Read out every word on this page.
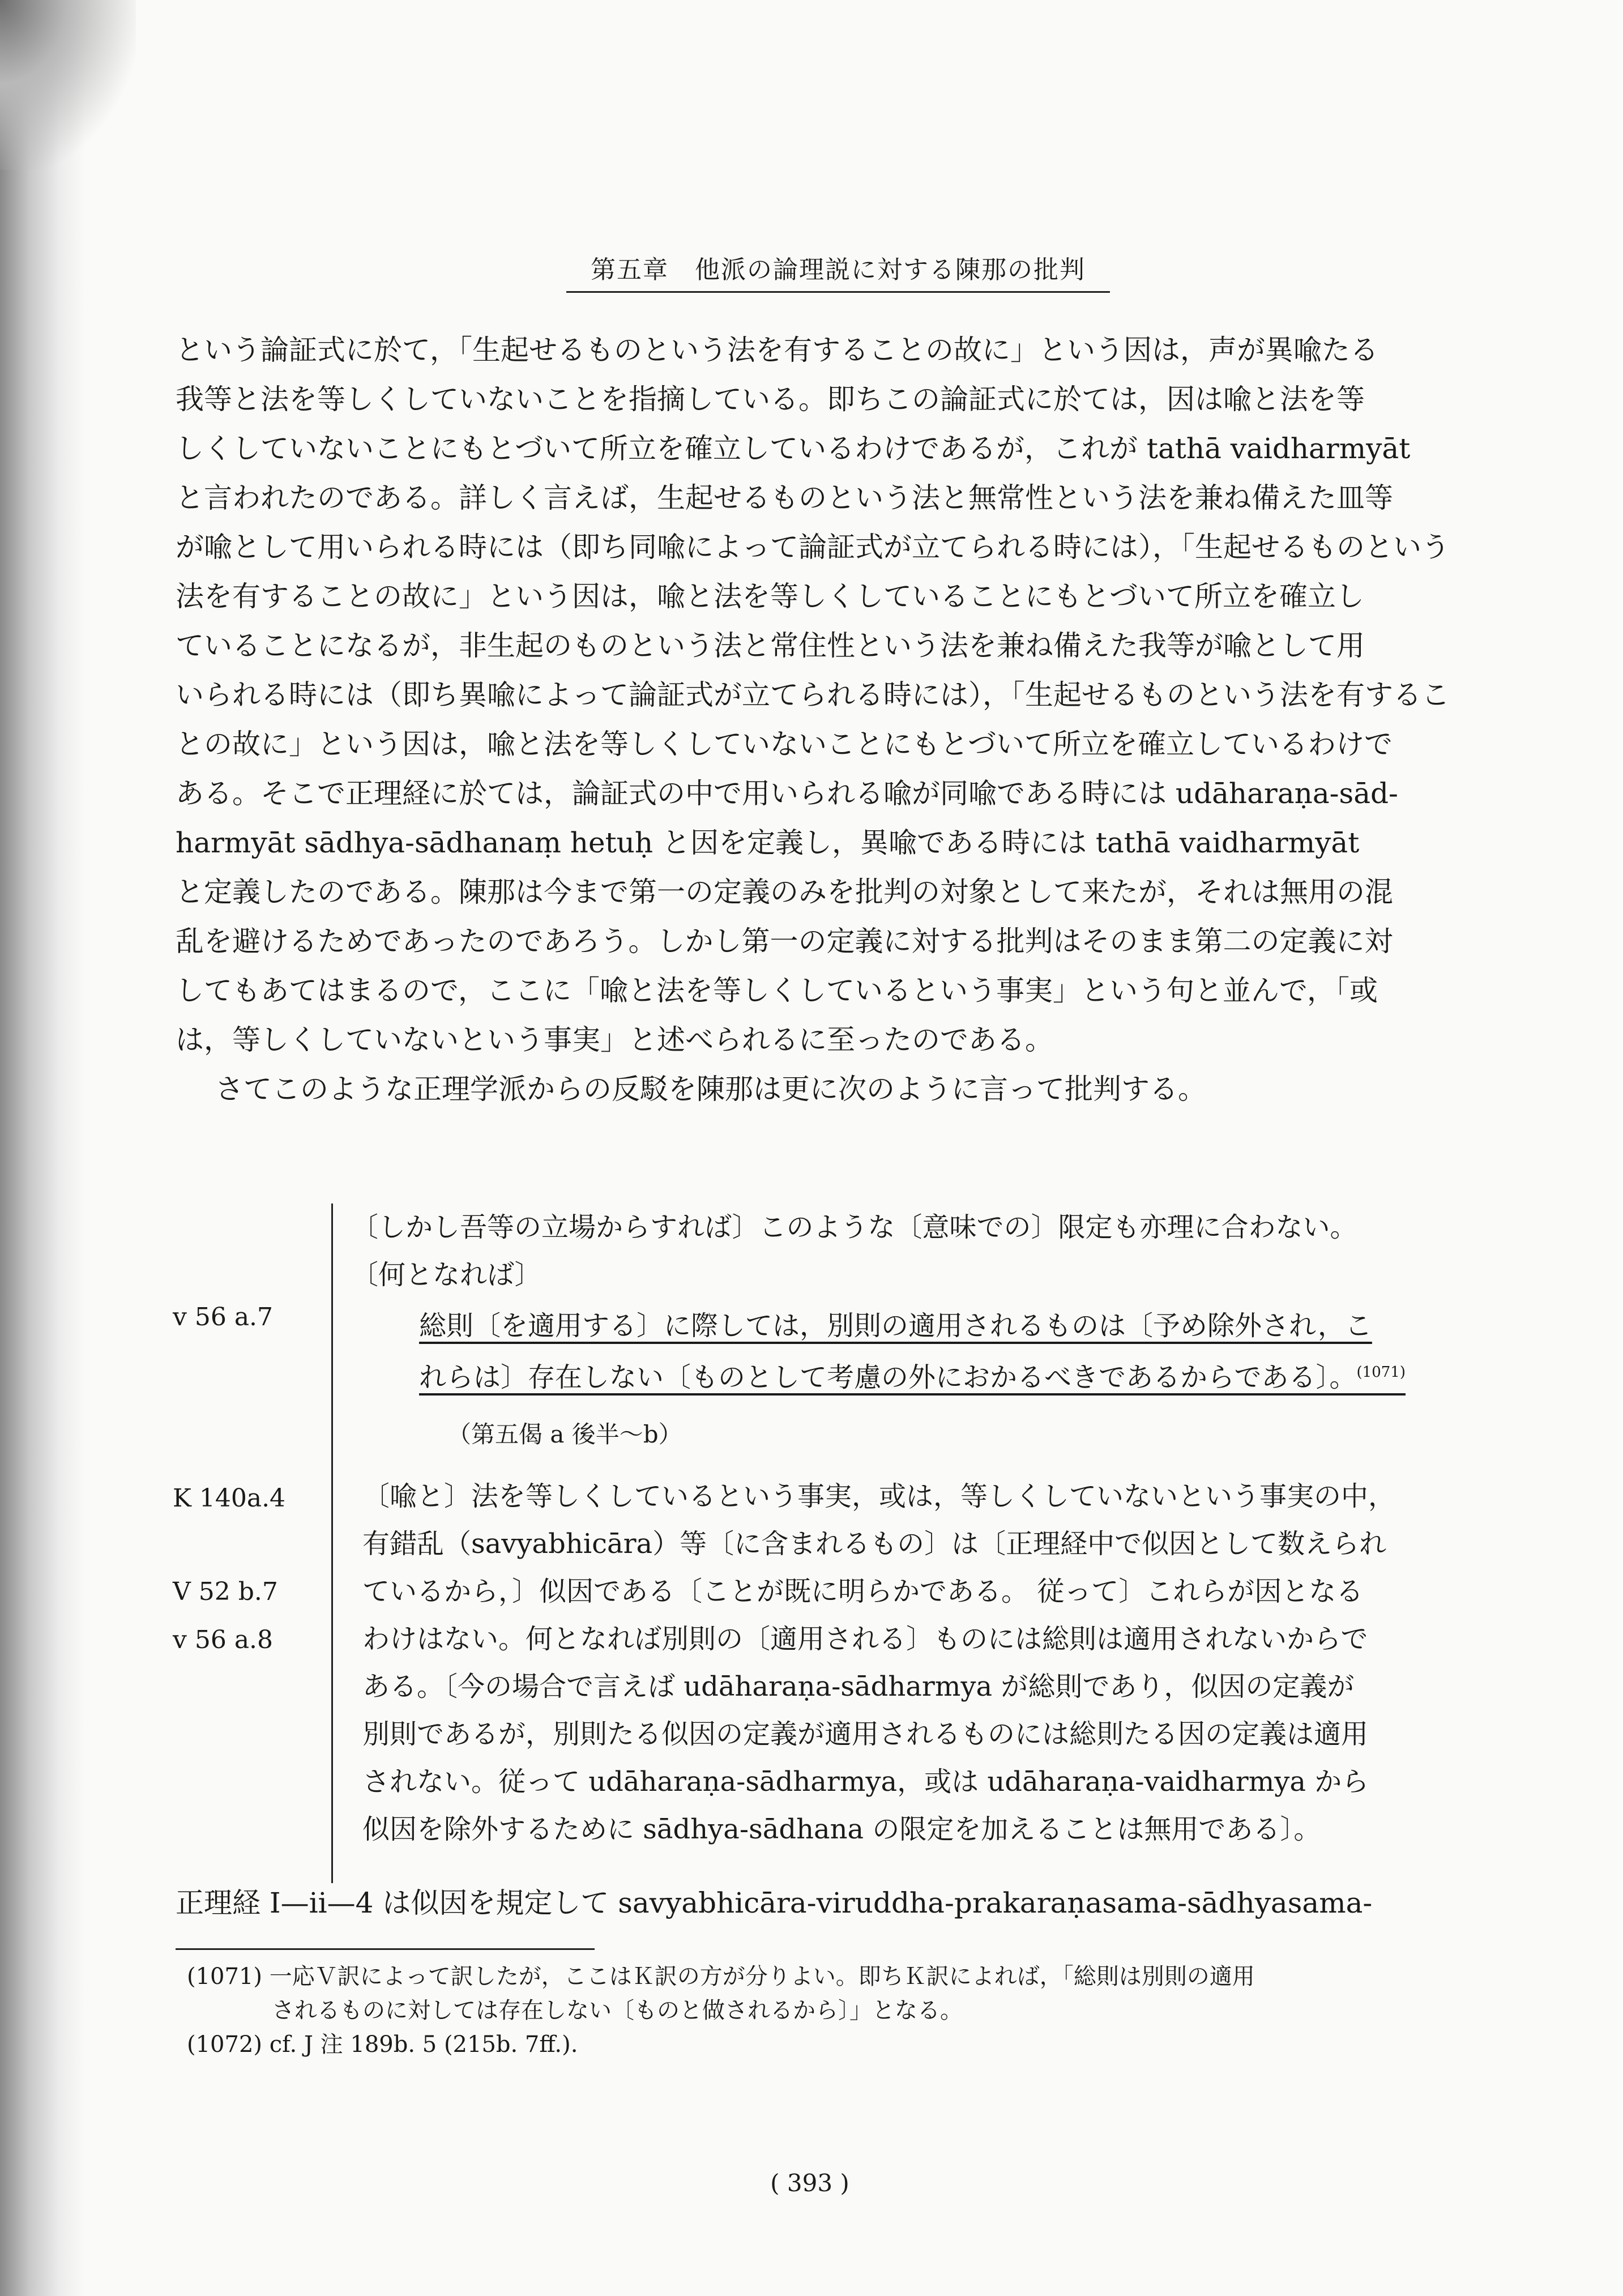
第五章　他派の論理説に対する陳那の批判

という論証式に於て，「生起せるものという法を有することの故に」という因は，声が異喩たる

我等と法を等しくしていないことを指摘している。即ちこの論証式に於ては，因は喩と法を等

しくしていないことにもとづいて所立を確立しているわけであるが，これが tathā vaidharmyāt

と言われたのである。詳しく言えば，生起せるものという法と無常性という法を兼ね備えた皿等

が喩として用いられる時には（即ち同喩によって論証式が立てられる時には），「生起せるものという

法を有することの故に」という因は，喩と法を等しくしていることにもとづいて所立を確立し

ていることになるが，非生起のものという法と常住性という法を兼ね備えた我等が喩として用

いられる時には（即ち異喩によって論証式が立てられる時には），「生起せるものという法を有するこ

との故に」という因は，喩と法を等しくしていないことにもとづいて所立を確立しているわけで

ある。そこで正理経に於ては，論証式の中で用いられる喩が同喩である時には udāharaṇa-sād-

harmyāt sādhya-sādhanaṃ hetuḥ と因を定義し，異喩である時には tathā vaidharmyāt

と定義したのである。陳那は今まで第一の定義のみを批判の対象として来たが，それは無用の混

乱を避けるためであったのであろう。しかし第一の定義に対する批判はそのまま第二の定義に対

してもあてはまるので，ここに「喩と法を等しくしているという事実」という句と並んで，「或

は，等しくしていないという事実」と述べられるに至ったのである。

さてこのような正理学派からの反駁を陳那は更に次のように言って批判する。

〔しかし吾等の立場からすれば〕このような〔意味での〕限定も亦理に合わない。
〔何となれば〕
v 56 a.7	総則〔を適用する〕に際しては，別則の適用されるものは〔予め除外され，こ

れらは〕存在しない〔ものとして考慮の外におかるべきであるからである〕。$^{(1071)}$

（第五偈 a 後半〜b）
K 140a.4
V 52 b.7
v 56 a.8

〔喩と〕法を等しくしているという事実，或は，等しくしていないという事実の中，

有錯乱（savyabhicāra）等〔に含まれるもの〕は〔正理経中で似因として数えられ

ているから，〕似因である〔ことが既に明らかである。 従って〕これらが因となる

わけはない。何となれば別則の〔適用される〕ものには総則は適用されないからで

ある。〔今の場合で言えば udāharaṇa-sādharmya が総則であり，似因の定義が

別則であるが，別則たる似因の定義が適用されるものには総則たる因の定義は適用

されない。従って udāharaṇa-sādharmya，或は udāharaṇa-vaidharmya から

似因を除外するために sādhya-sādhana の限定を加えることは無用である〕。

正理経 I—ii—4 は似因を規定して savyabhicāra-viruddha-prakaraṇasama-sādhyasama-

(1071) 一応Ｖ訳によって訳したが，ここはＫ訳の方が分りよい。即ちＫ訳によれば，「総則は別則の適用

されるものに対しては存在しない〔ものと做されるから〕」となる。

(1072) cf. J 注 189b. 5 (215b. 7ff.).

( 393 )
